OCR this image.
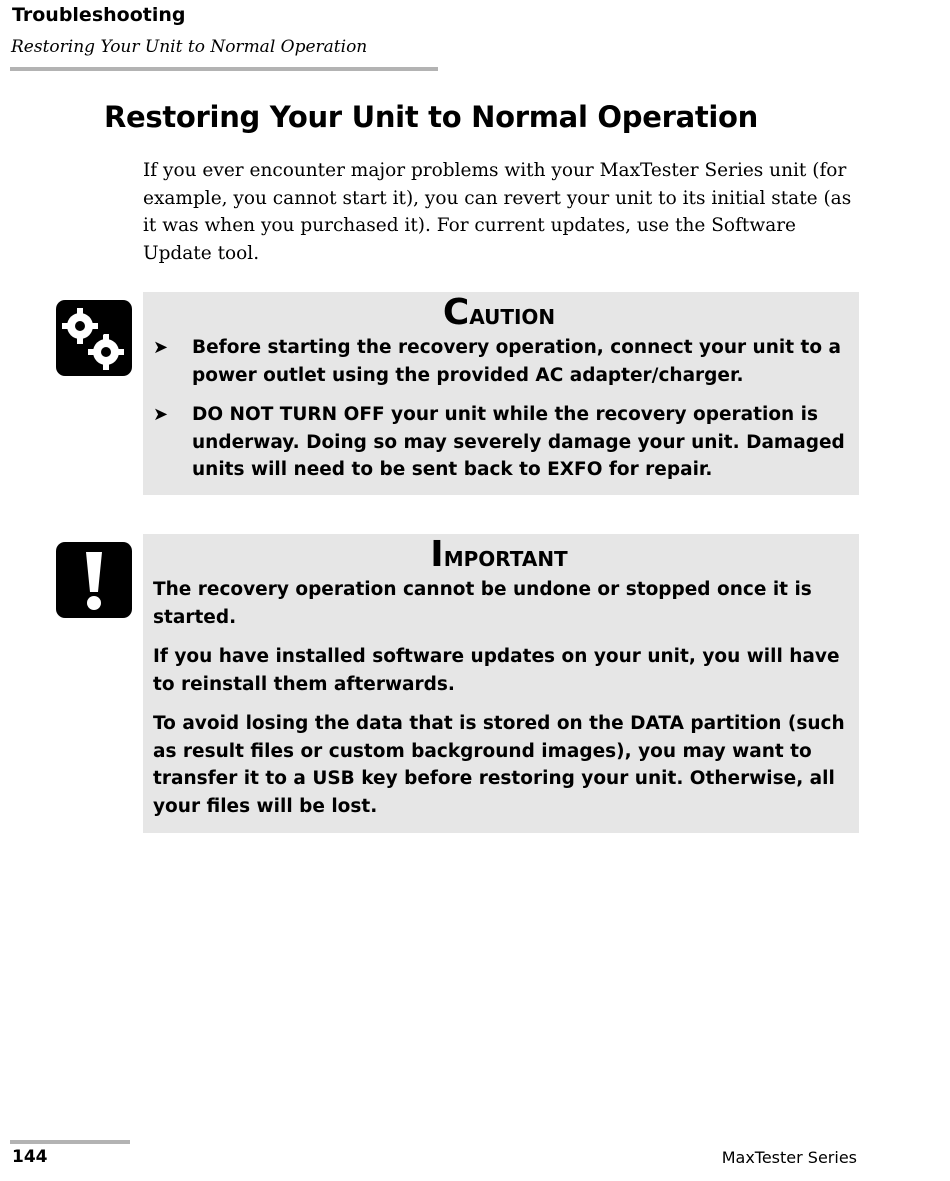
Troubleshooting
Restoring Your Unit to Normal Operation
Restoring Your Unit to Normal Operation

If you ever encounter major problems with your MaxTester Series unit (for example, you cannot start it), you can revert your unit to its initial state (as it was when you purchased it). For current updates, use the Software Update tool.

Caution
➤ Before starting the recovery operation, connect your unit to a power outlet using the provided AC adapter/charger.
➤ DO NOT TURN OFF your unit while the recovery operation is underway. Doing so may severely damage your unit. Damaged units will need to be sent back to EXFO for repair.
Important

The recovery operation cannot be undone or stopped once it is started.

If you have installed software updates on your unit, you will have to reinstall them afterwards.

To avoid losing the data that is stored on the DATA partition (such as result files or custom background images), you may want to transfer it to a USB key before restoring your unit. Otherwise, all your files will be lost.

144	MaxTester Series
